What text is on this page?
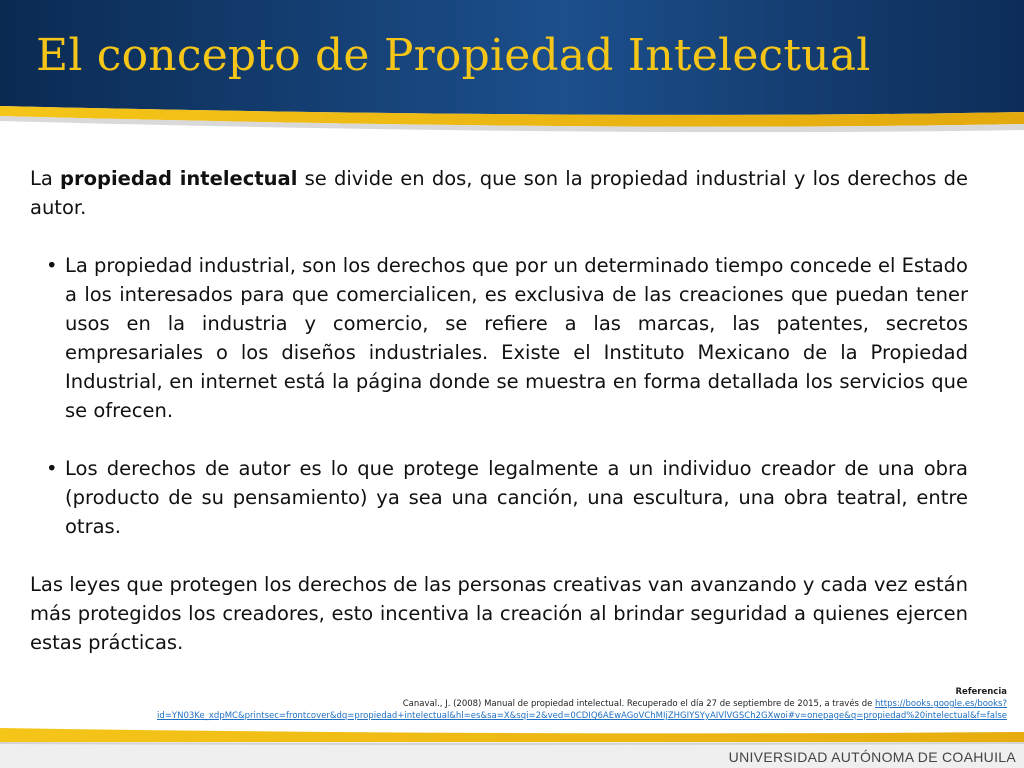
El concepto de Propiedad Intelectual

La propiedad intelectual se divide en dos, que son la propiedad industrial y los derechos de autor.

• La propiedad industrial, son los derechos que por un determinado tiempo concede el Estado a los interesados para que comercialicen, es exclusiva de las creaciones que puedan tener usos en la industria y comercio, se refiere a las marcas, las patentes, secretos empresariales o los diseños industriales. Existe el Instituto Mexicano de la Propiedad Industrial, en internet está la página donde se muestra en forma detallada los servicios que se ofrecen.
• Los derechos de autor es lo que protege legalmente a un individuo creador de una obra (producto de su pensamiento) ya sea una canción, una escultura, una obra teatral, entre otras.

Las leyes que protegen los derechos de las personas creativas van avanzando y cada vez están más protegidos los creadores, esto incentiva la creación al brindar seguridad a quienes ejercen estas prácticas.

Referencia
Canaval., J. (2008) Manual de propiedad intelectual. Recuperado el día 27 de septiembre de 2015, a través de https://books.google.es/books?id=YN03Ke_xdpMC&printsec=frontcover&dq=propiedad+intelectual&hl=es&sa=X&sqi=2&ved=0CDIQ6AEwAGoVChMIjZHGIYSYyAIVlVGSCh2GXwoi#v=onepage&q=propiedad%20intelectual&f=false
UNIVERSIDAD AUTÓNOMA DE COAHUILA
